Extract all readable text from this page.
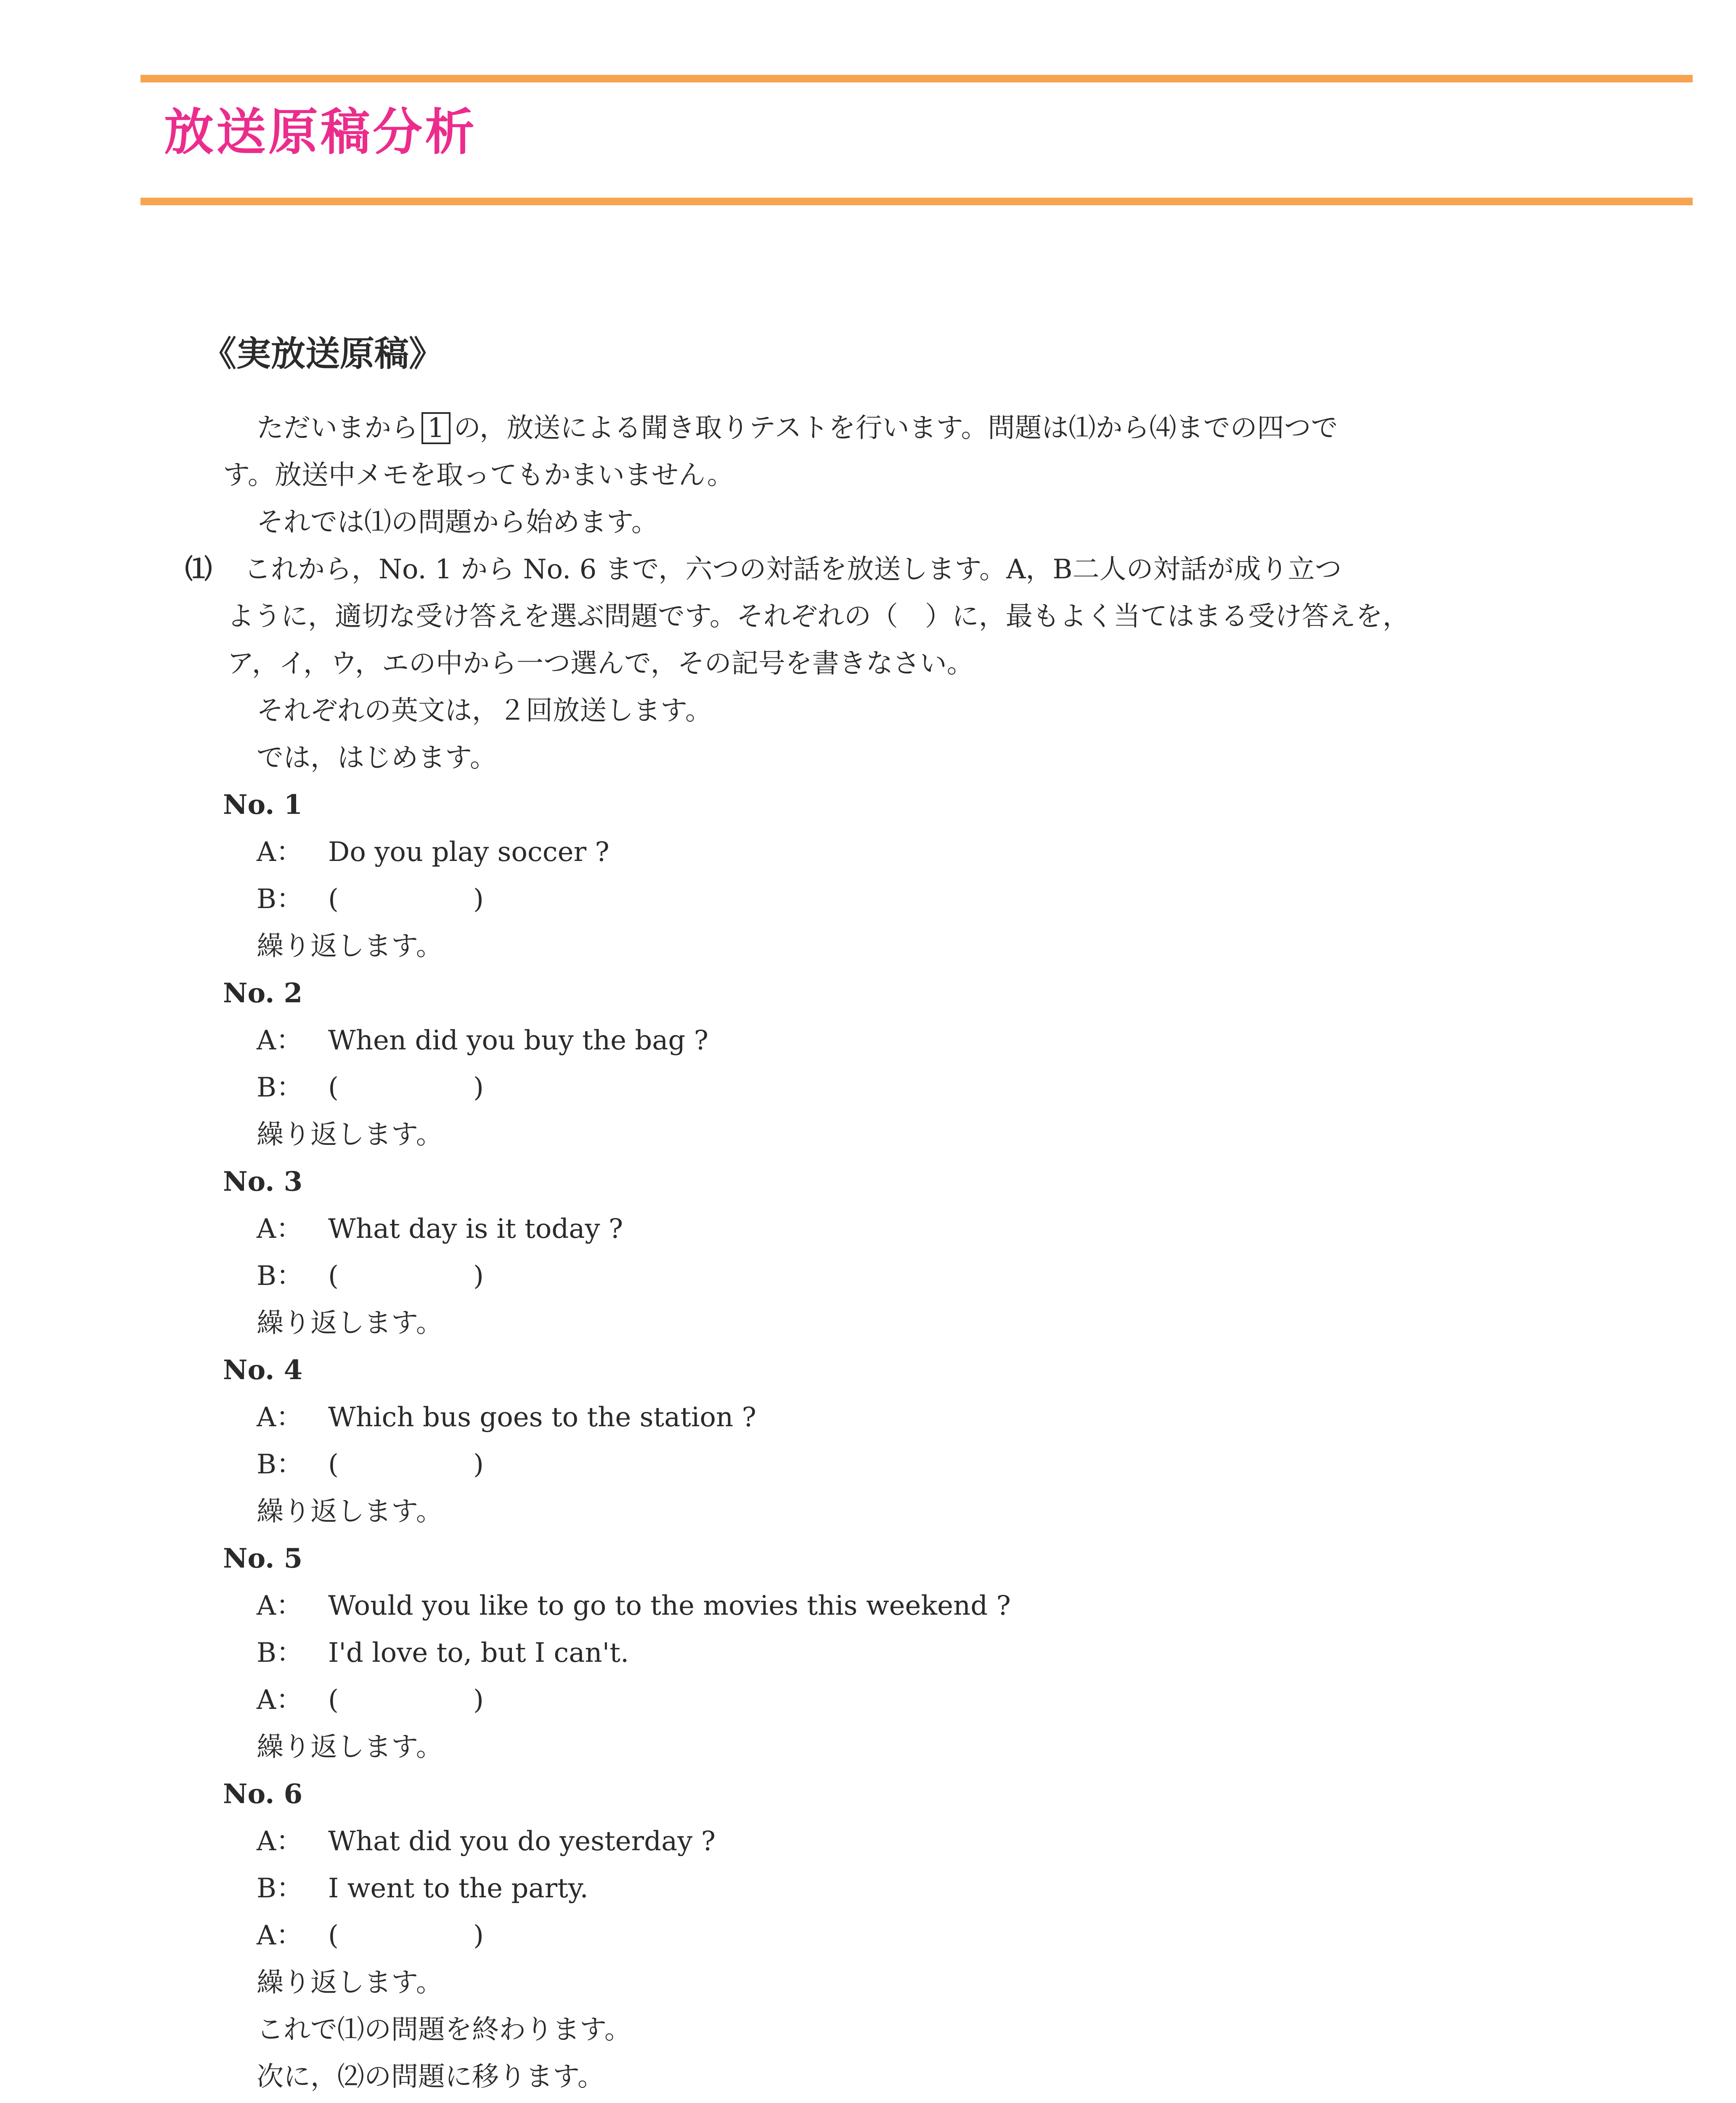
放送原稿分析
《実放送原稿》
ただいまから 1 の，放送による聞き取りテストを行います。問題は⑴から⑷までの四つで
す。放送中メモを取ってもかまいません。
それでは⑴の問題から始めます。
⑴ これから，No. 1 から No. 6 まで，六つの対話を放送します。A，B二人の対話が成り立つ
ように，適切な受け答えを選ぶ問題です。それぞれの（　）に，最もよく当てはまる受け答えを，
ア，イ，ウ，エの中から一つ選んで，その記号を書きなさい。
それぞれの英文は，２回放送します。
では，はじめます。
No. 1
A： Do you play soccer ?
B： (	)
繰り返します。
No. 2
A： When did you buy the bag ?
B： (	)
繰り返します。
No. 3
A： What day is it today ?
B： (	)
繰り返します。
No. 4
A： Which bus goes to the station ?
B： (	)
繰り返します。
No. 5
A： Would you like to go to the movies this weekend ?
B： I'd love to, but I can't.
A： (	)
繰り返します。
No. 6
A： What did you do yesterday ?
B： I went to the party.
A： (	)
繰り返します。
これで⑴の問題を終わります。
次に，⑵の問題に移ります。
